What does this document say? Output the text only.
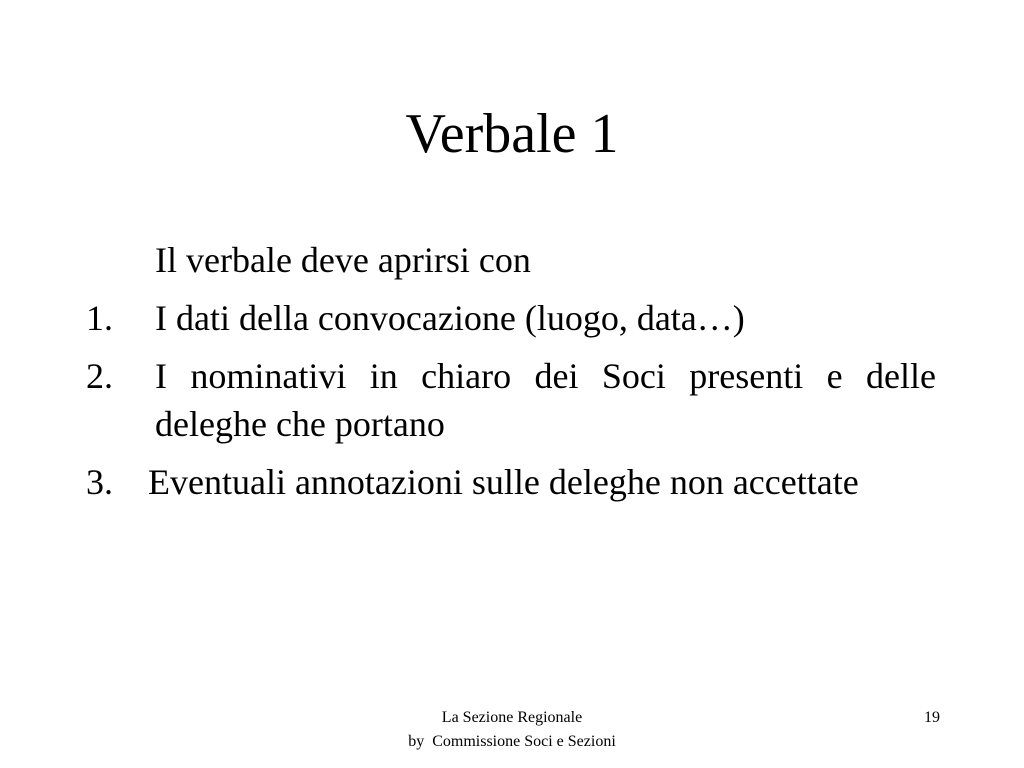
Verbale 1
Il verbale deve aprirsi con
1. I dati della convocazione (luogo, data…)
2. I nominativi in chiaro dei Soci presenti e delle deleghe che portano
3. Eventuali annotazioni sulle deleghe non accettate
La Sezione Regionale
by  Commissione Soci e Sezioni
19
